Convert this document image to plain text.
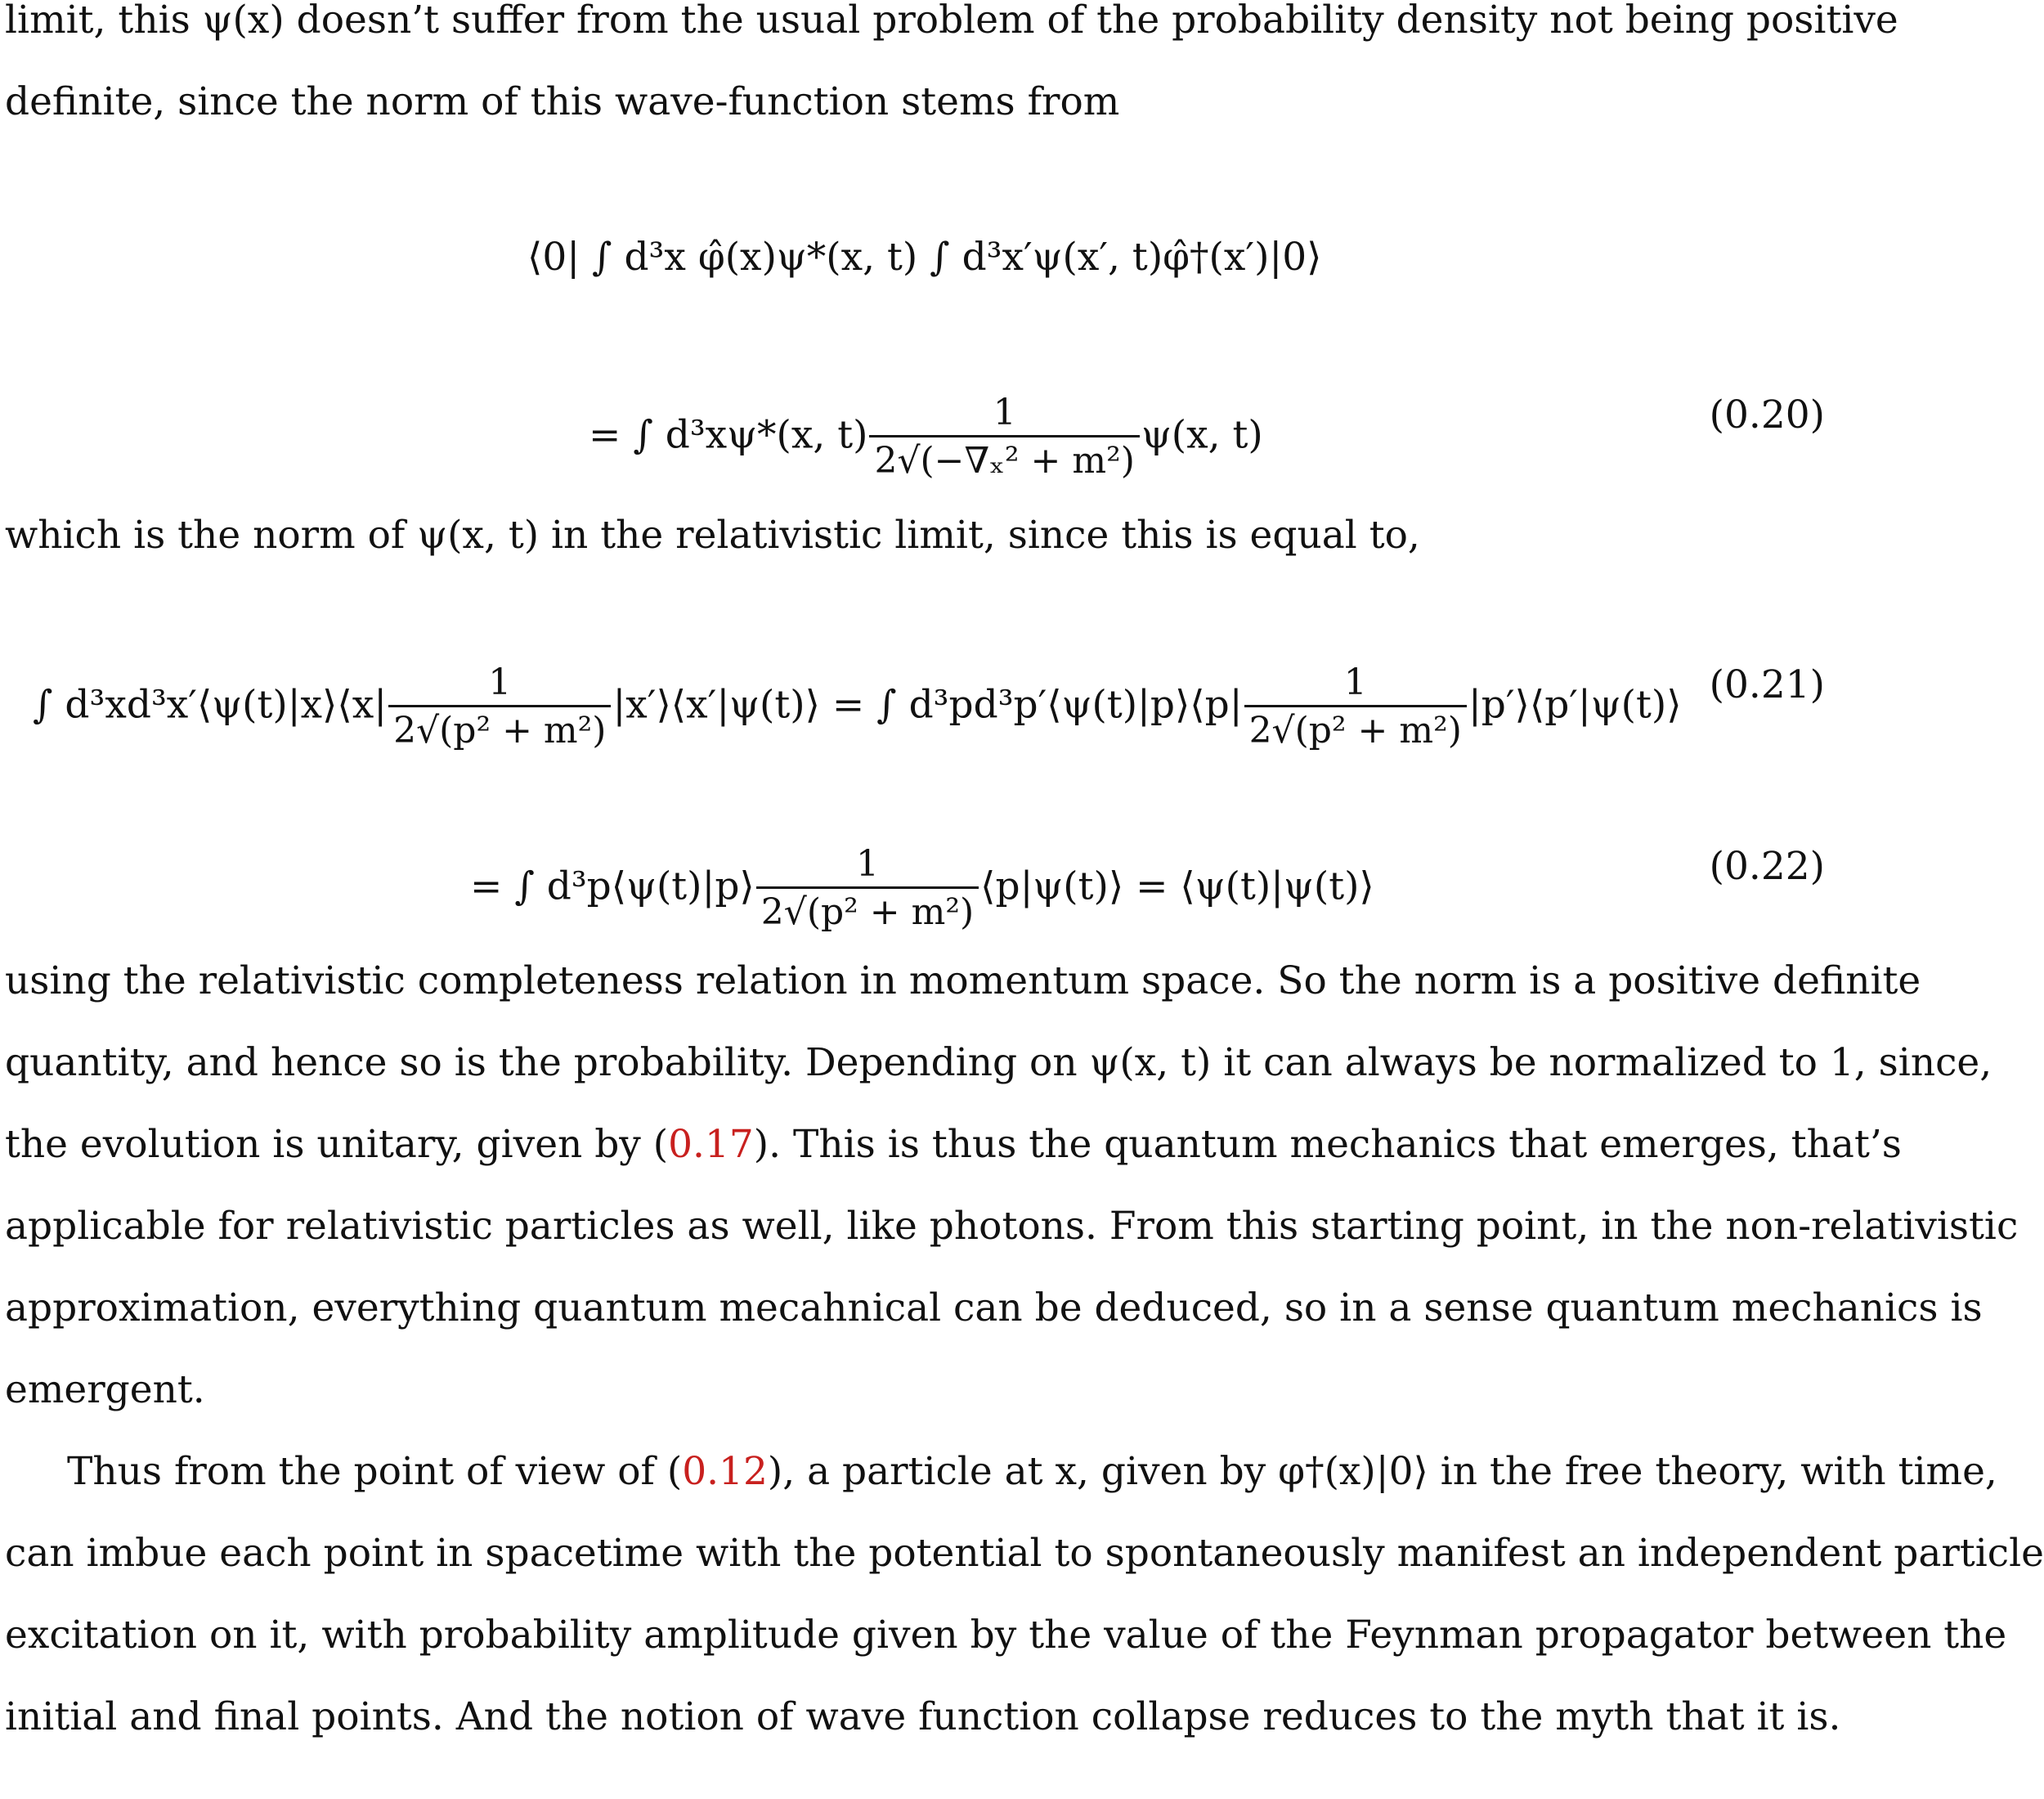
limit, this ψ(x) doesn’t suffer from the usual problem of the probability density not being positive
definite, since the norm of this wave-function stems from
⟨0| ∫ d³x φ̂(x)ψ*(x, t) ∫ d³x′ψ(x′, t)φ̂†(x′)|0⟩
= ∫ d³xψ*(x, $t) \frac{1}{\text{2√(−∇ₓ² + m²)}} \psi(x$, t)	(0.20)
which is the norm of ψ(x, t) in the relativistic limit, since this is equal to,
∫ d³xd³x′⟨ψ(t)|x⟩⟨x| $\frac{1}{\text{2√(p² + m²)}}$ |x′⟩⟨x′|ψ(t)⟩ = ∫ d³pd³p′⟨ψ(t)|p⟩⟨p| $\frac{1}{\text{2√(p² + m²)}}$ |p′⟩⟨p′|ψ(t)⟩ (0.21)
= ∫ d³p⟨ψ(t)|p⟩ $\frac{1}{\text{2√(p² + m²)}}$ ⟨p|ψ(t)⟩ = ⟨ψ(t)|ψ(t)⟩	(0.22)
using the relativistic completeness relation in momentum space. So the norm is a positive definite
quantity, and hence so is the probability. Depending on ψ(x, t) it can always be normalized to 1, since,
the evolution is unitary, given by (0.17). This is thus the quantum mechanics that emerges, that’s
applicable for relativistic particles as well, like photons. From this starting point, in the non-relativistic
approximation, everything quantum mecahnical can be deduced, so in a sense quantum mechanics is
emergent.
Thus from the point of view of (0.12), a particle at x, given by φ†(x)|0⟩ in the free theory, with time,
can imbue each point in spacetime with the potential to spontaneously manifest an independent particle
excitation on it, with probability amplitude given by the value of the Feynman propagator between the
initial and final points. And the notion of wave function collapse reduces to the myth that it is.
